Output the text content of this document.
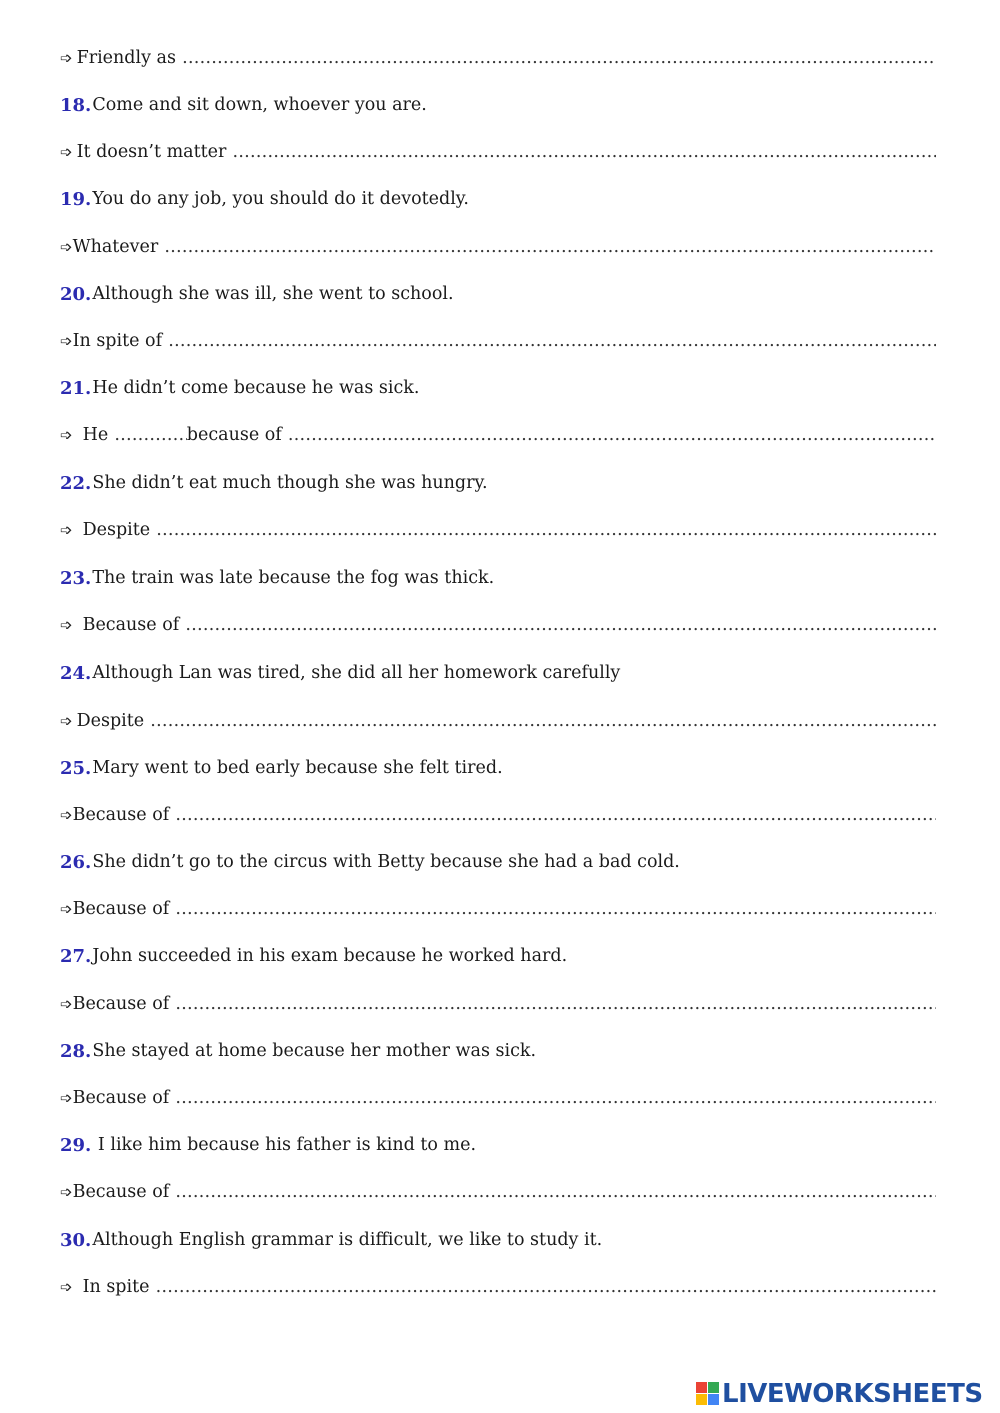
➩ Friendly as
…………………………………………………………………………………………………………………………………………………………………………………………………………………………………………………………………………
18. Come and sit down, whoever you are.
➩ It doesn’t matter
…………………………………………………………………………………………………………………………………………………………………………………………………………………………………………………………………………
19. You do any job, you should do it devotedly.
➩ Whatever
…………………………………………………………………………………………………………………………………………………………………………………………………………………………………………………………………………
20. Although she was ill, she went to school.
➩ In spite of
…………………………………………………………………………………………………………………………………………………………………………………………………………………………………………………………………………
21. He didn’t come because he was sick.
➩ He
………………………………………………………………	because of
…………………………………………………………………………………………………………………………………………………………………………………………………………………………………………………………………………
22. She didn’t eat much though she was hungry.
➩ Despite
…………………………………………………………………………………………………………………………………………………………………………………………………………………………………………………………………………
23. The train was late because the fog was thick.
➩ Because of
…………………………………………………………………………………………………………………………………………………………………………………………………………………………………………………………………………
24. Although Lan was tired, she did all her homework carefully
➩ Despite
…………………………………………………………………………………………………………………………………………………………………………………………………………………………………………………………………………
25. Mary went to bed early because she felt tired.
➩ Because of
…………………………………………………………………………………………………………………………………………………………………………………………………………………………………………………………………………
26. She didn’t go to the circus with Betty because she had a bad cold.
➩ Because of
…………………………………………………………………………………………………………………………………………………………………………………………………………………………………………………………………………
27. John succeeded in his exam because he worked hard.
➩ Because of
…………………………………………………………………………………………………………………………………………………………………………………………………………………………………………………………………………
28. She stayed at home because her mother was sick.
➩ Because of
…………………………………………………………………………………………………………………………………………………………………………………………………………………………………………………………………………
29. I like him because his father is kind to me.
➩ Because of
…………………………………………………………………………………………………………………………………………………………………………………………………………………………………………………………………………
30. Although English grammar is difficult, we like to study it.
➩ In spite
…………………………………………………………………………………………………………………………………………………………………………………………………………………………………………………………………………
LIVEWORKSHEETS
